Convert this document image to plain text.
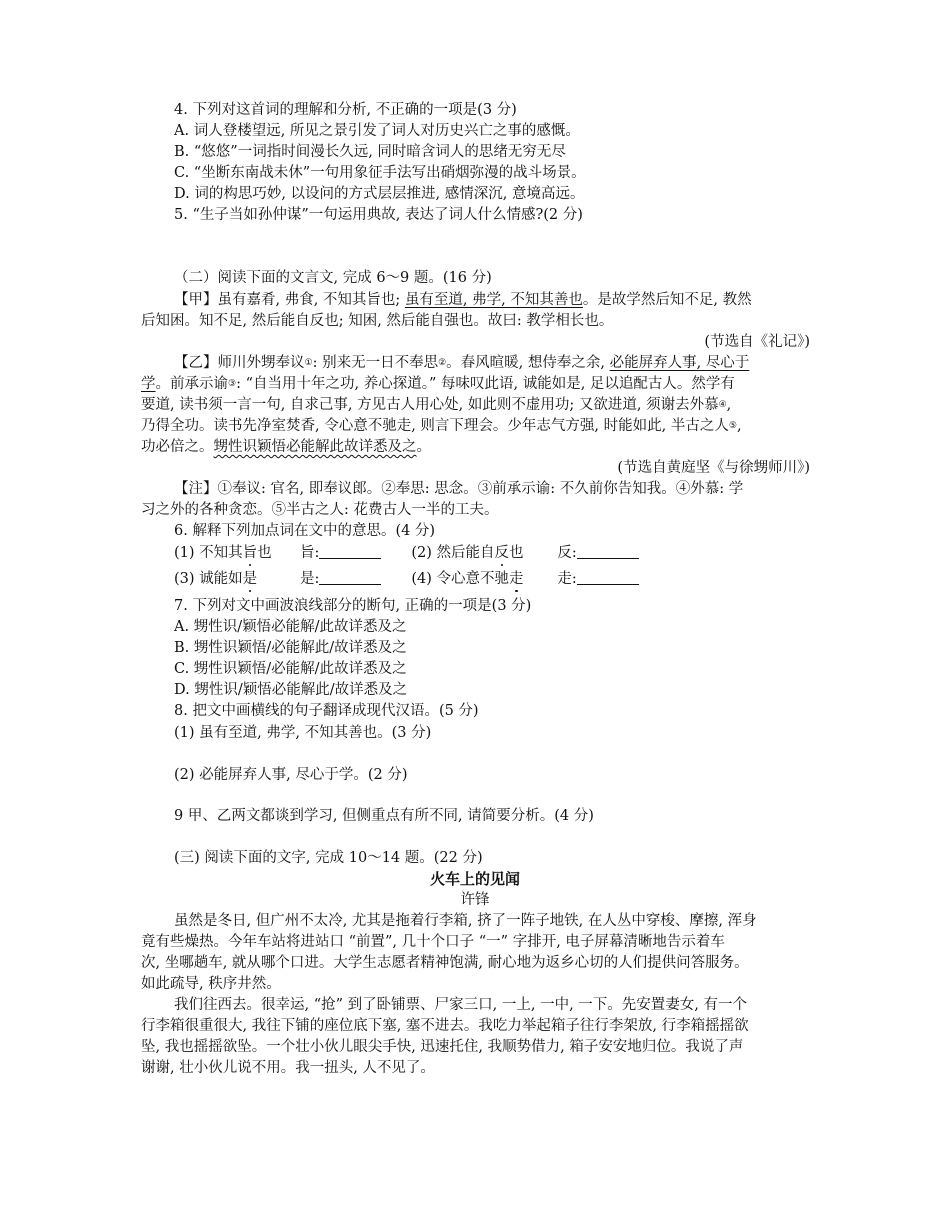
4. 下列对这首词的理解和分析, 不正确的一项是(3 分)
A. 词人登楼望远, 所见之景引发了词人对历史兴亡之事的感慨。
B. “悠悠”一词指时间漫长久远, 同时暗含词人的思绪无穷无尽
C. “坐断东南战未休”一句用象征手法写出硝烟弥漫的战斗场景。
D. 词的构思巧妙, 以设问的方式层层推进, 感情深沉, 意境高远。
5. “生子当如孙仲谋”一句运用典故, 表达了词人什么情感?(2 分)
（二）阅读下面的文言文, 完成 6～9 题。(16 分)
【甲】虽有嘉肴, 弗食, 不知其旨也; 虽有至道, 弗学, 不知其善也。是故学然后知不足, 教然
后知困。知不足, 然后能自反也; 知困, 然后能自强也。故曰: 教学相长也。
(节选自《礼记》)
【乙】师川外甥奉议①: 别来无一日不奉思②。春风暄暖, 想侍奉之余, 必能屏弃人事, 尽心于
学。前承示谕③: “自当用十年之功, 养心探道。” 每味叹此语, 诚能如是, 足以追配古人。然学有
要道, 读书须一言一句, 自求己事, 方见古人用心处, 如此则不虚用功; 又欲进道, 须谢去外慕④,
乃得全功。读书先净室焚香, 令心意不驰走, 则言下理会。少年志气方强, 时能如此, 半古之人⑤,
功必倍之。甥性识颖悟必能解此故详悉及之。
(节选自黄庭坚《与徐甥师川》)
【注】①奉议: 官名, 即奉议郎。②奉思: 思念。③前承示谕: 不久前你告知我。④外慕: 学
习之外的各种贪恋。⑤半古之人: 花费古人一半的工夫。
6. 解释下列加点词在文中的意思。(4 分)
(1) 不知其旨也 旨:	(2) 然后能自反也 反:
(3) 诚能如是	是:	(4) 令心意不驰走 走:
7. 下列对文中画波浪线部分的断句, 正确的一项是(3 分)
A. 甥性识/颖悟必能解/此故详悉及之
B. 甥性识颖悟/必能解此/故详悉及之
C. 甥性识颖悟/必能解/此故详悉及之
D. 甥性识/颖悟必能解此/故详悉及之
8. 把文中画横线的句子翻译成现代汉语。(5 分)
(1) 虽有至道, 弗学, 不知其善也。(3 分)
(2) 必能屏弃人事, 尽心于学。(2 分)
9 甲、乙两文都谈到学习, 但侧重点有所不同, 请简要分析。(4 分)
(三) 阅读下面的文字, 完成 10～14 题。(22 分)
火车上的见闻
许锋
虽然是冬日, 但广州不太冷, 尤其是拖着行李箱, 挤了一阵子地铁, 在人丛中穿梭、摩擦, 浑身
竟有些燥热。今年车站将进站口 “前置”, 几十个口子 “一” 字排开, 电子屏幕清晰地告示着车
次, 坐哪趟车, 就从哪个口进。大学生志愿者精神饱满, 耐心地为返乡心切的人们提供问答服务。
如此疏导, 秩序井然。
我们往西去。很幸运, “抢” 到了卧铺票、尸家三口, 一上, 一中, 一下。先安置妻女, 有一个
行李箱很重很大, 我往下铺的座位底下塞, 塞不进去。我吃力举起箱子往行李架放, 行李箱摇摇欲
坠, 我也摇摇欲坠。一个壮小伙儿眼尖手快, 迅速托住, 我顺势借力, 箱子安安地归位。我说了声
谢谢, 壮小伙儿说不用。我一扭头, 人不见了。
